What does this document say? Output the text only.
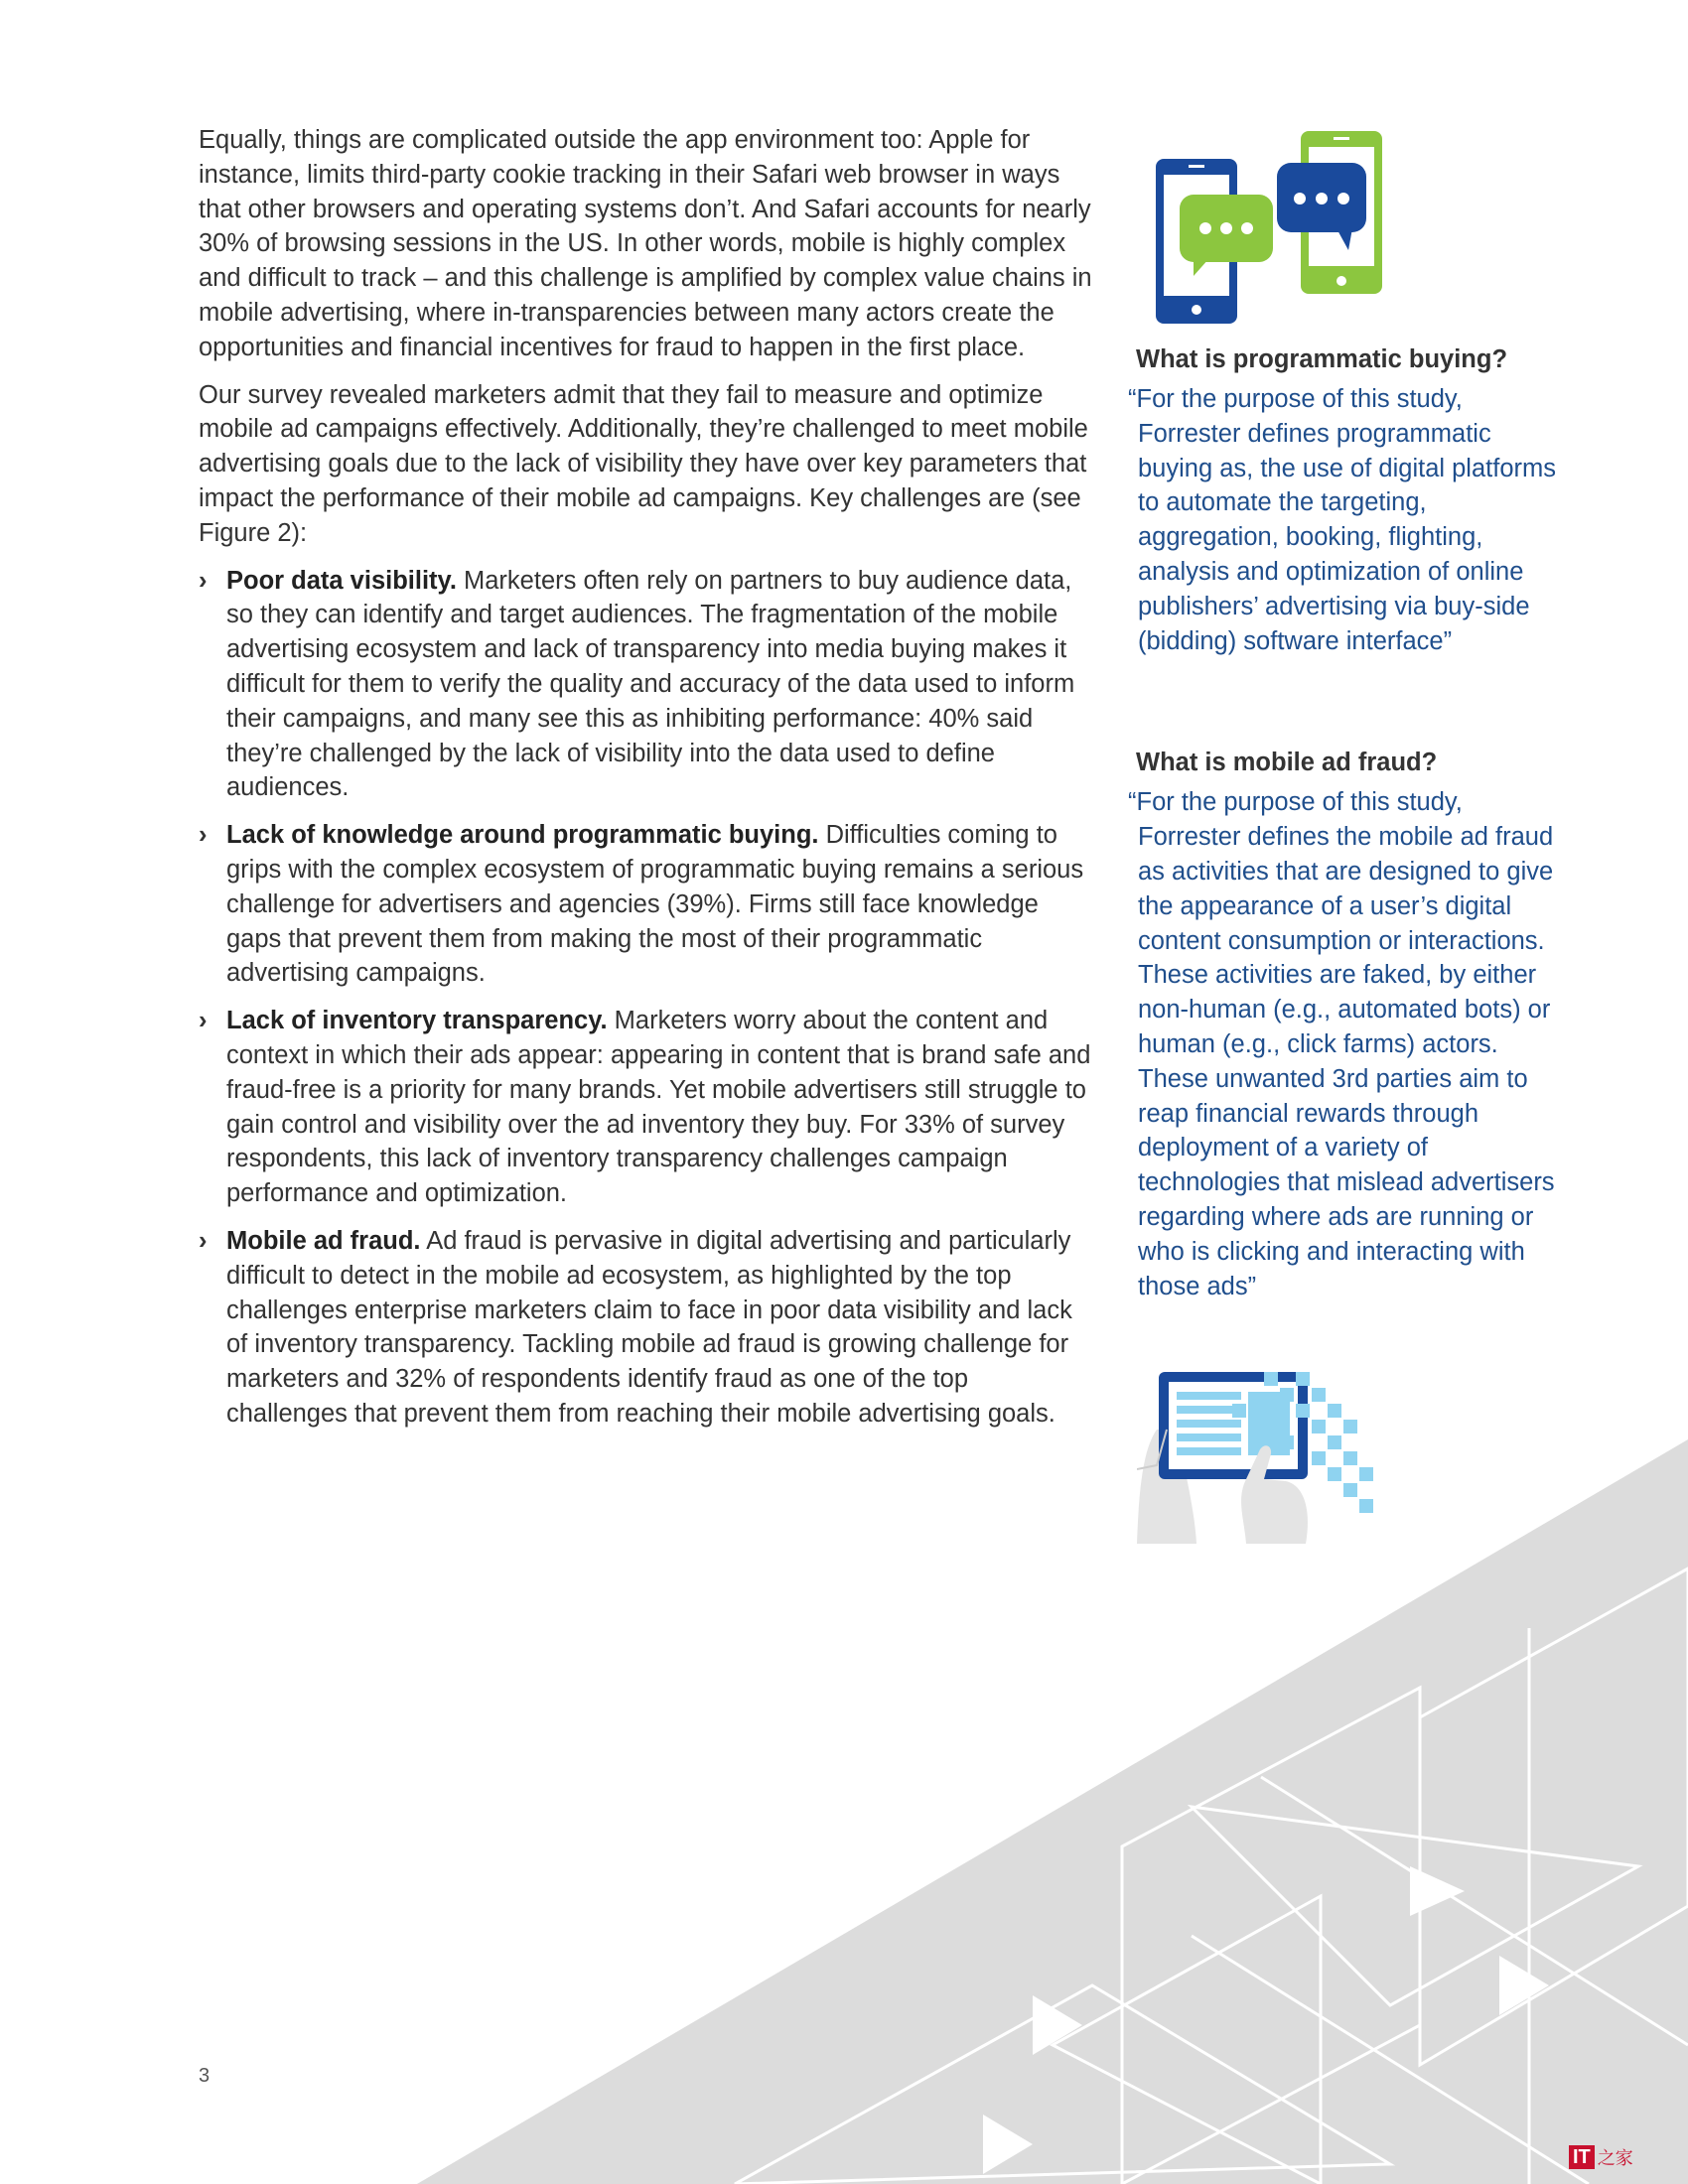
Equally, things are complicated outside the app environment too: Apple for instance, limits third-party cookie tracking in their Safari web browser in ways that other browsers and operating systems don’t. And Safari accounts for nearly 30% of browsing sessions in the US. In other words, mobile is highly complex and difficult to track – and this challenge is amplified by complex value chains in mobile advertising, where in-transparencies between many actors create the opportunities and financial incentives for fraud to happen in the first place.

Our survey revealed marketers admit that they fail to measure and optimize mobile ad campaigns effectively. Additionally, they’re challenged to meet mobile advertising goals due to the lack of visibility they have over key parameters that impact the performance of their mobile ad campaigns. Key challenges are (see Figure 2):

› Poor data visibility. Marketers often rely on partners to buy audience data, so they can identify and target audiences. The fragmentation of the mobile advertising ecosystem and lack of transparency into media buying makes it difficult for them to verify the quality and accuracy of the data used to inform their campaigns, and many see this as inhibiting performance: 40% said they’re challenged by the lack of visibility into the data used to define audiences.
› Lack of knowledge around programmatic buying. Difficulties coming to grips with the complex ecosystem of programmatic buying remains a serious challenge for advertisers and agencies (39%). Firms still face knowledge gaps that prevent them from making the most of their programmatic advertising campaigns.
› Lack of inventory transparency. Marketers worry about the content and context in which their ads appear: appearing in content that is brand safe and fraud-free is a priority for many brands. Yet mobile advertisers still struggle to gain control and visibility over the ad inventory they buy. For 33% of survey respondents, this lack of inventory transparency challenges campaign performance and optimization.
› Mobile ad fraud. Ad fraud is pervasive in digital advertising and particularly difficult to detect in the mobile ad ecosystem, as highlighted by the top challenges enterprise marketers claim to face in poor data visibility and lack of inventory transparency. Tackling mobile ad fraud is growing challenge for marketers and 32% of respondents identify fraud as one of the top challenges that prevent them from reaching their mobile advertising goals.
What is programmatic buying?

“For the purpose of this study, Forrester defines programmatic buying as, the use of digital platforms to automate the targeting, aggregation, booking, flighting, analysis and optimization of online publishers’ advertising via buy-side (bidding) software interface”

What is mobile ad fraud?

“For the purpose of this study, Forrester defines the mobile ad fraud as activities that are designed to give the appearance of a user’s digital content consumption or interactions. These activities are faked, by either non-human (e.g., automated bots) or human (e.g., click farms) actors. These unwanted 3rd parties aim to reap financial rewards through deployment of a variety of technologies that mislead advertisers regarding where ads are running or who is clicking and interacting with those ads”

3
IT 之家
